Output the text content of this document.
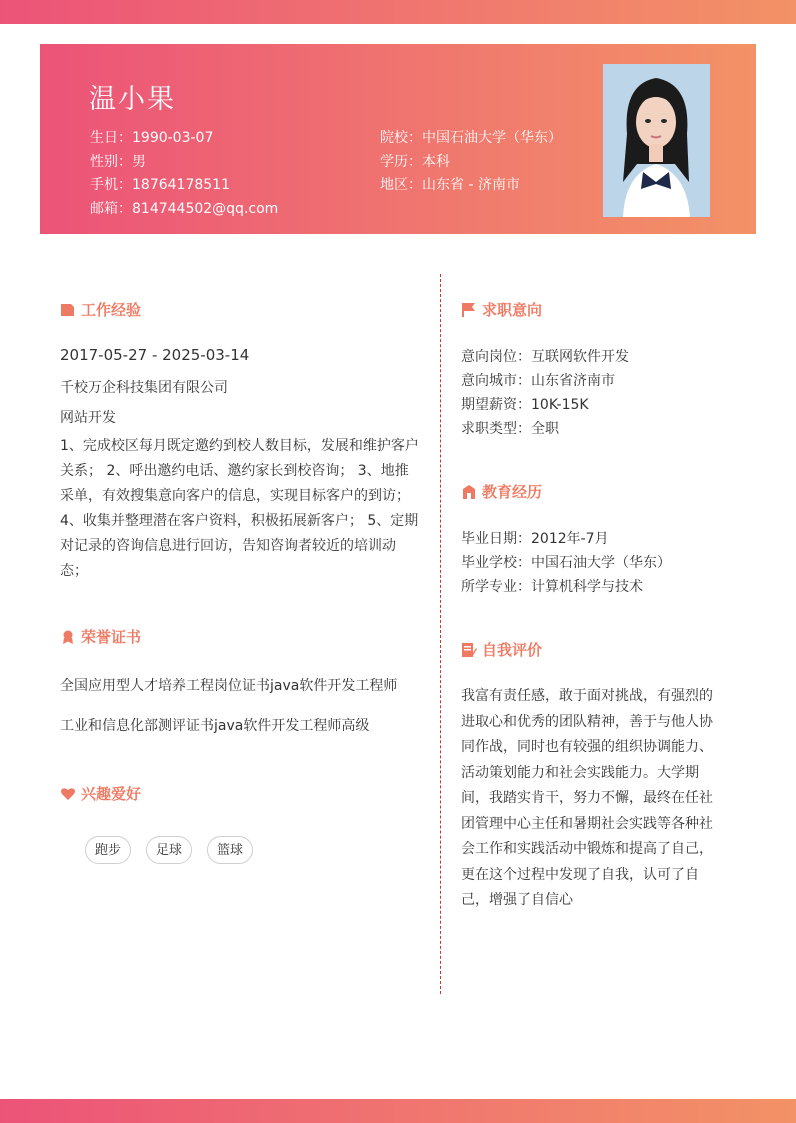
温小果
生日：1990-03-07
性别：男
手机：18764178511
邮箱：814744502@qq.com
院校：中国石油大学（华东）
学历：本科
地区：山东省 - 济南市
工作经验
2017-05-27 - 2025-03-14
千校万企科技集团有限公司
网站开发
1、完成校区每月既定邀约到校人数目标，发展和维护客户
关系； 2、呼出邀约电话、邀约家长到校咨询； 3、地推
采单，有效搜集意向客户的信息，实现目标客户的到访；
4、收集并整理潜在客户资料，积极拓展新客户； 5、定期
对记录的咨询信息进行回访，告知咨询者较近的培训动
态；
荣誉证书
全国应用型人才培养工程岗位证书java软件开发工程师
工业和信息化部测评证书java软件开发工程师高级
兴趣爱好
跑步	足球	篮球
求职意向
意向岗位：互联网软件开发
意向城市：山东省济南市
期望薪资：10K-15K
求职类型：全职
教育经历
毕业日期：2012年-7月
毕业学校：中国石油大学（华东）
所学专业：计算机科学与技术
自我评价
我富有责任感，敢于面对挑战，有强烈的
进取心和优秀的团队精神，善于与他人协
同作战，同时也有较强的组织协调能力、
活动策划能力和社会实践能力。大学期
间，我踏实肯干，努力不懈，最终在任社
团管理中心主任和暑期社会实践等各种社
会工作和实践活动中锻炼和提高了自己，
更在这个过程中发现了自我，认可了自
己，增强了自信心
